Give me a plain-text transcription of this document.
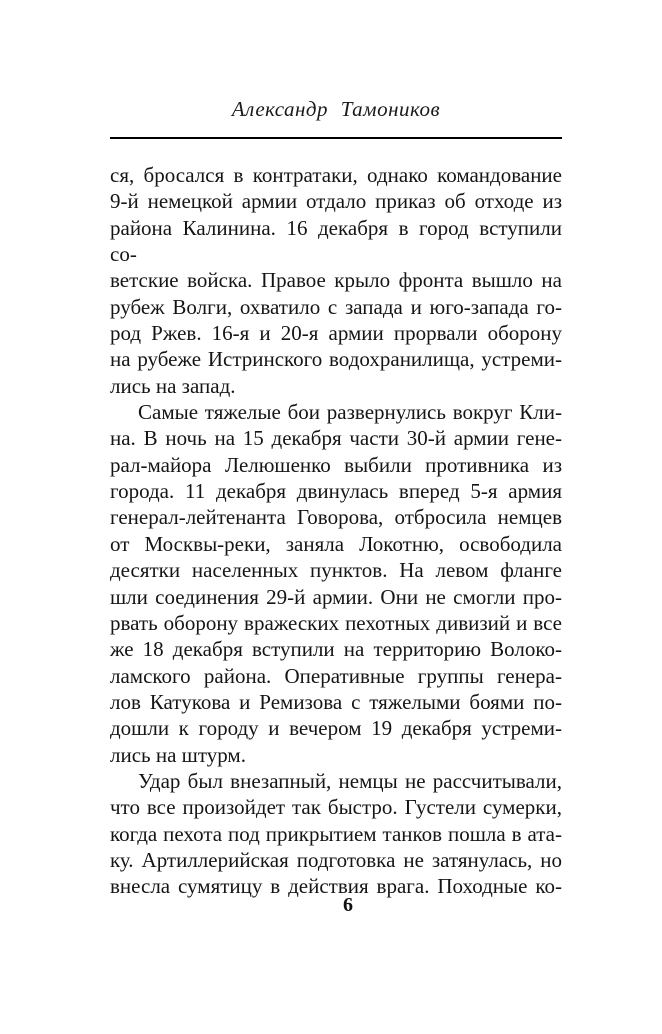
Александр Тамоников
ся, бросался в контратаки, однако командование
9-й немецкой армии отдало приказ об отходе из
района Калинина. 16 декабря в город вступили со-
ветские войска. Правое крыло фронта вышло на
рубеж Волги, охватило с запада и юго-запада го-
род Ржев. 16-я и 20-я армии прорвали оборону
на рубеже Истринского водохранилища, устреми-
лись на запад.
Самые тяжелые бои развернулись вокруг Кли-
на. В ночь на 15 декабря части 30-й армии гене-
рал-майора Лелюшенко выбили противника из
города. 11 декабря двинулась вперед 5-я армия
генерал-лейтенанта Говорова, отбросила немцев
от Москвы-реки, заняла Локотню, освободила
десятки населенных пунктов. На левом фланге
шли соединения 29-й армии. Они не смогли про-
рвать оборону вражеских пехотных дивизий и все
же 18 декабря вступили на территорию Волоко-
ламского района. Оперативные группы генера-
лов Катукова и Ремизова с тяжелыми боями по-
дошли к городу и вечером 19 декабря устреми-
лись на штурм.
Удар был внезапный, немцы не рассчитывали,
что все произойдет так быстро. Густели сумерки,
когда пехота под прикрытием танков пошла в ата-
ку. Артиллерийская подготовка не затянулась, но
внесла сумятицу в действия врага. Походные ко-
6
